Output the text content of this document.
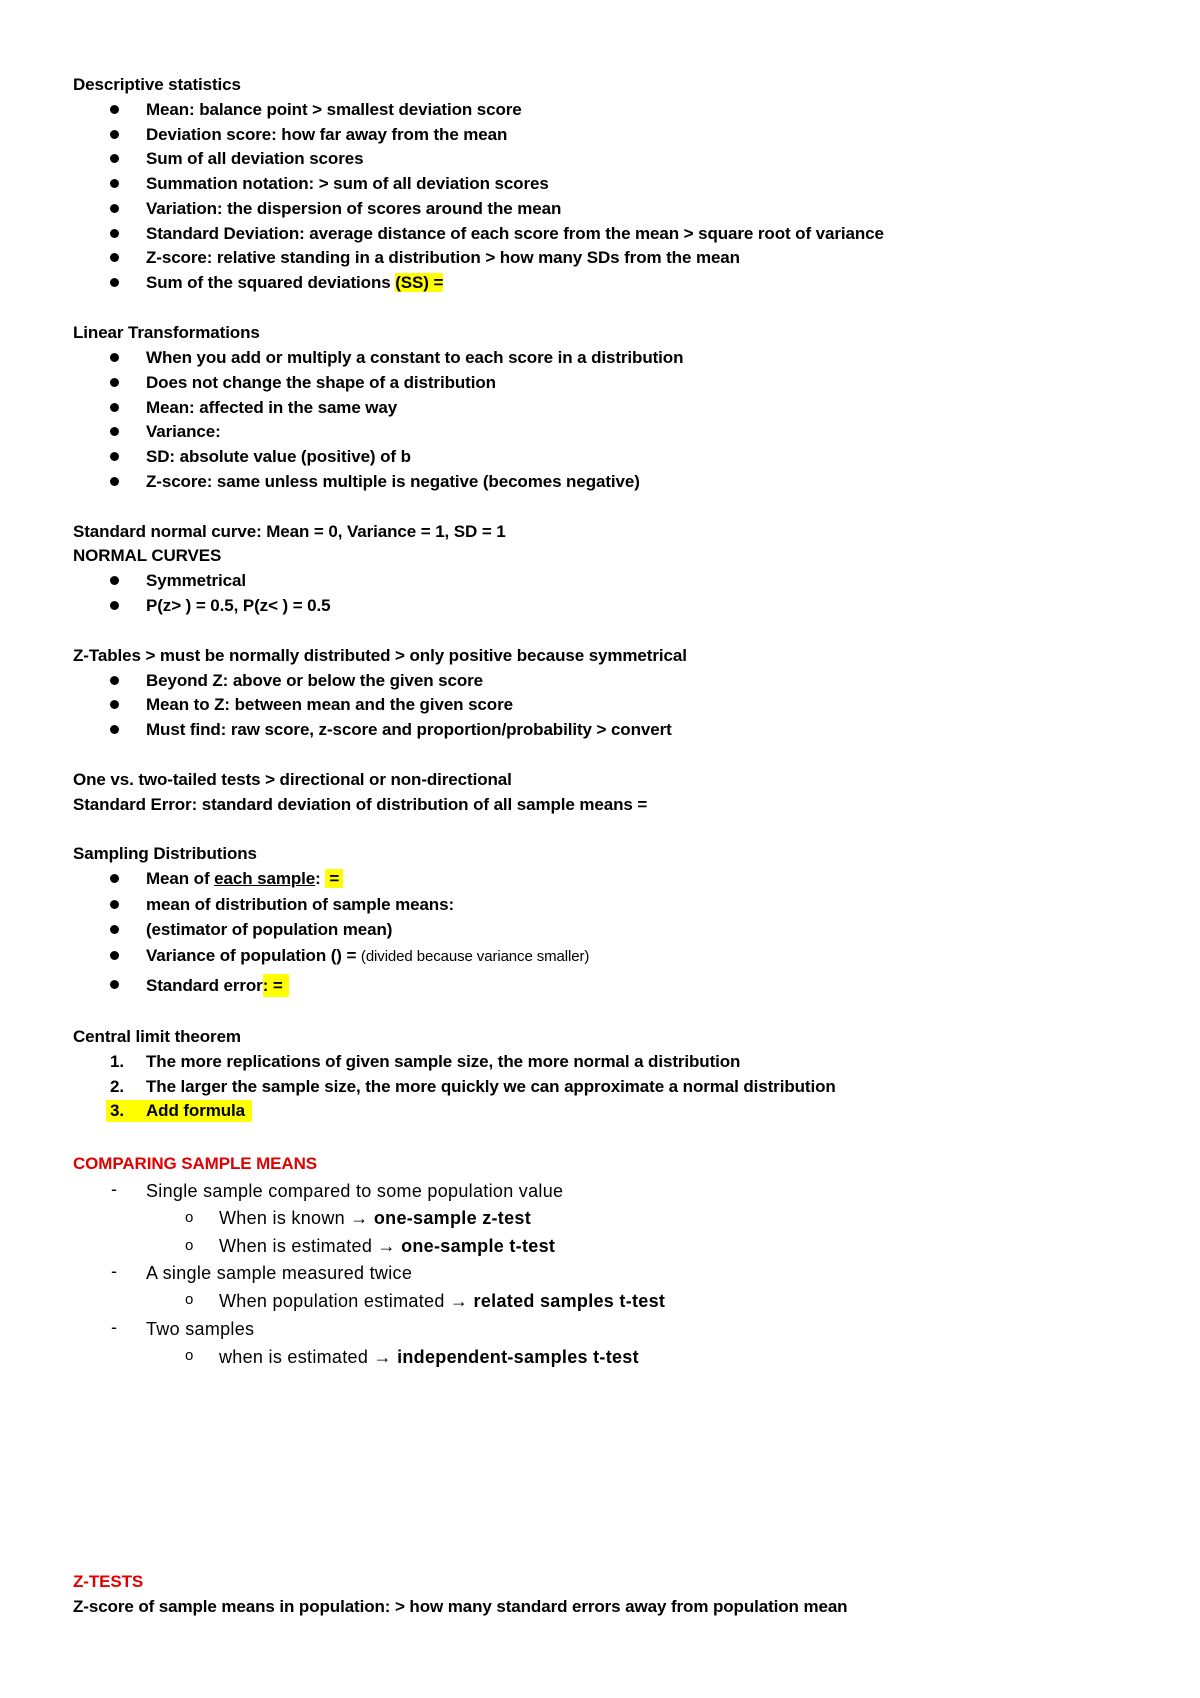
Descriptive statistics
Mean: balance point > smallest deviation score
Deviation score: how far away from the mean
Sum of all deviation scores
Summation notation: > sum of all deviation scores
Variation: the dispersion of scores around the mean
Standard Deviation: average distance of each score from the mean > square root of variance
Z-score: relative standing in a distribution > how many SDs from the mean
Sum of the squared deviations (SS) =
Linear Transformations
When you add or multiply a constant to each score in a distribution
Does not change the shape of a distribution
Mean: affected in the same way
Variance:
SD: absolute value (positive) of b
Z-score: same unless multiple is negative (becomes negative)
Standard normal curve: Mean = 0, Variance = 1, SD = 1
NORMAL CURVES
Symmetrical
P(z> ) = 0.5, P(z< ) = 0.5
Z-Tables > must be normally distributed > only positive because symmetrical
Beyond Z: above or below the given score
Mean to Z: between mean and the given score
Must find: raw score, z-score and proportion/probability > convert
One vs. two-tailed tests > directional or non-directional
Standard Error: standard deviation of distribution of all sample means =
Sampling Distributions
Mean of each sample: =
mean of distribution of sample means:
(estimator of population mean)
Variance of population () = (divided because variance smaller)
Standard error: =
Central limit theorem
1. The more replications of given sample size, the more normal a distribution
2. The larger the sample size, the more quickly we can approximate a normal distribution
3. Add formula
COMPARING SAMPLE MEANS
- Single sample compared to some population value
o When is known → one-sample z-test
o When is estimated → one-sample t-test
- A single sample measured twice
o When population estimated → related samples t-test
- Two samples
o when is estimated → independent-samples t-test
Z-TESTS
Z-score of sample means in population: > how many standard errors away from population mean
